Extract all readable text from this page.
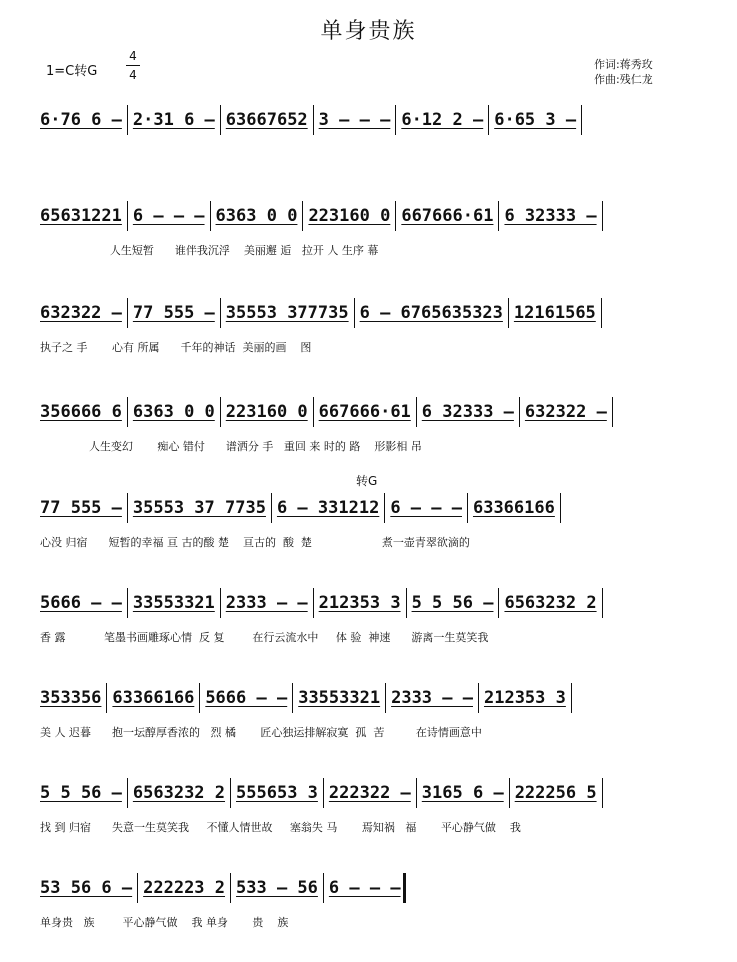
单身贵族
1=C转G
4
4
作词:蒋秀玫
作曲:残仁龙
6·76 6 – 2·31 6 – 63667652 3 – – – 6·12 2 – 6·65 3 –
65631221 6 – – – 6363 0 0 223160 0 667666·61 6 32333 –
人生短暂      谁伴我沉浮    美丽邂 逅   拉开 人 生序 幕
632322 – 77 555 – 35553 377735 6 – 6765635323 12161565
执子之 手       心有 所属      千年的神话  美丽的画    图
356666 6 6363 0 0 223160 0 667666·61 6 32333 – 632322 –
人生变幻       痴心 错付      谱洒分 手   重回 来 时的 路    形影相 吊
77 555 – 35553 37 7735 6 – 331212 6 – – – 63366166
心没 归宿      短暂的幸福 亘 古的酸 楚    亘古的  酸  楚                    煮一壶青翠欲滴的
5666 – – 33553321 2333 – – 212353 3 5 5 56 – 6563232 2
香 露           笔墨书画雕琢心情  反 复        在行云流水中     体 验  神速      游离一生莫笑我
353356 63366166 5666 – – 33553321 2333 – – 212353 3
美 人 迟暮      抱一坛醇厚香浓的   烈 橘       匠心独运排解寂寞  孤  苦         在诗情画意中
5 5 56 – 6563232 2 555653 3 222322 – 3165 6 – 222256 5
找 到 归宿      失意一生莫笑我     不懂人情世故     塞翁失 马       焉知祸   福       平心静气做    我
53 56 6 – 222223 2 533 – 56 6 – – –
单身贵   族        平心静气做    我 单身       贵    族
转G
